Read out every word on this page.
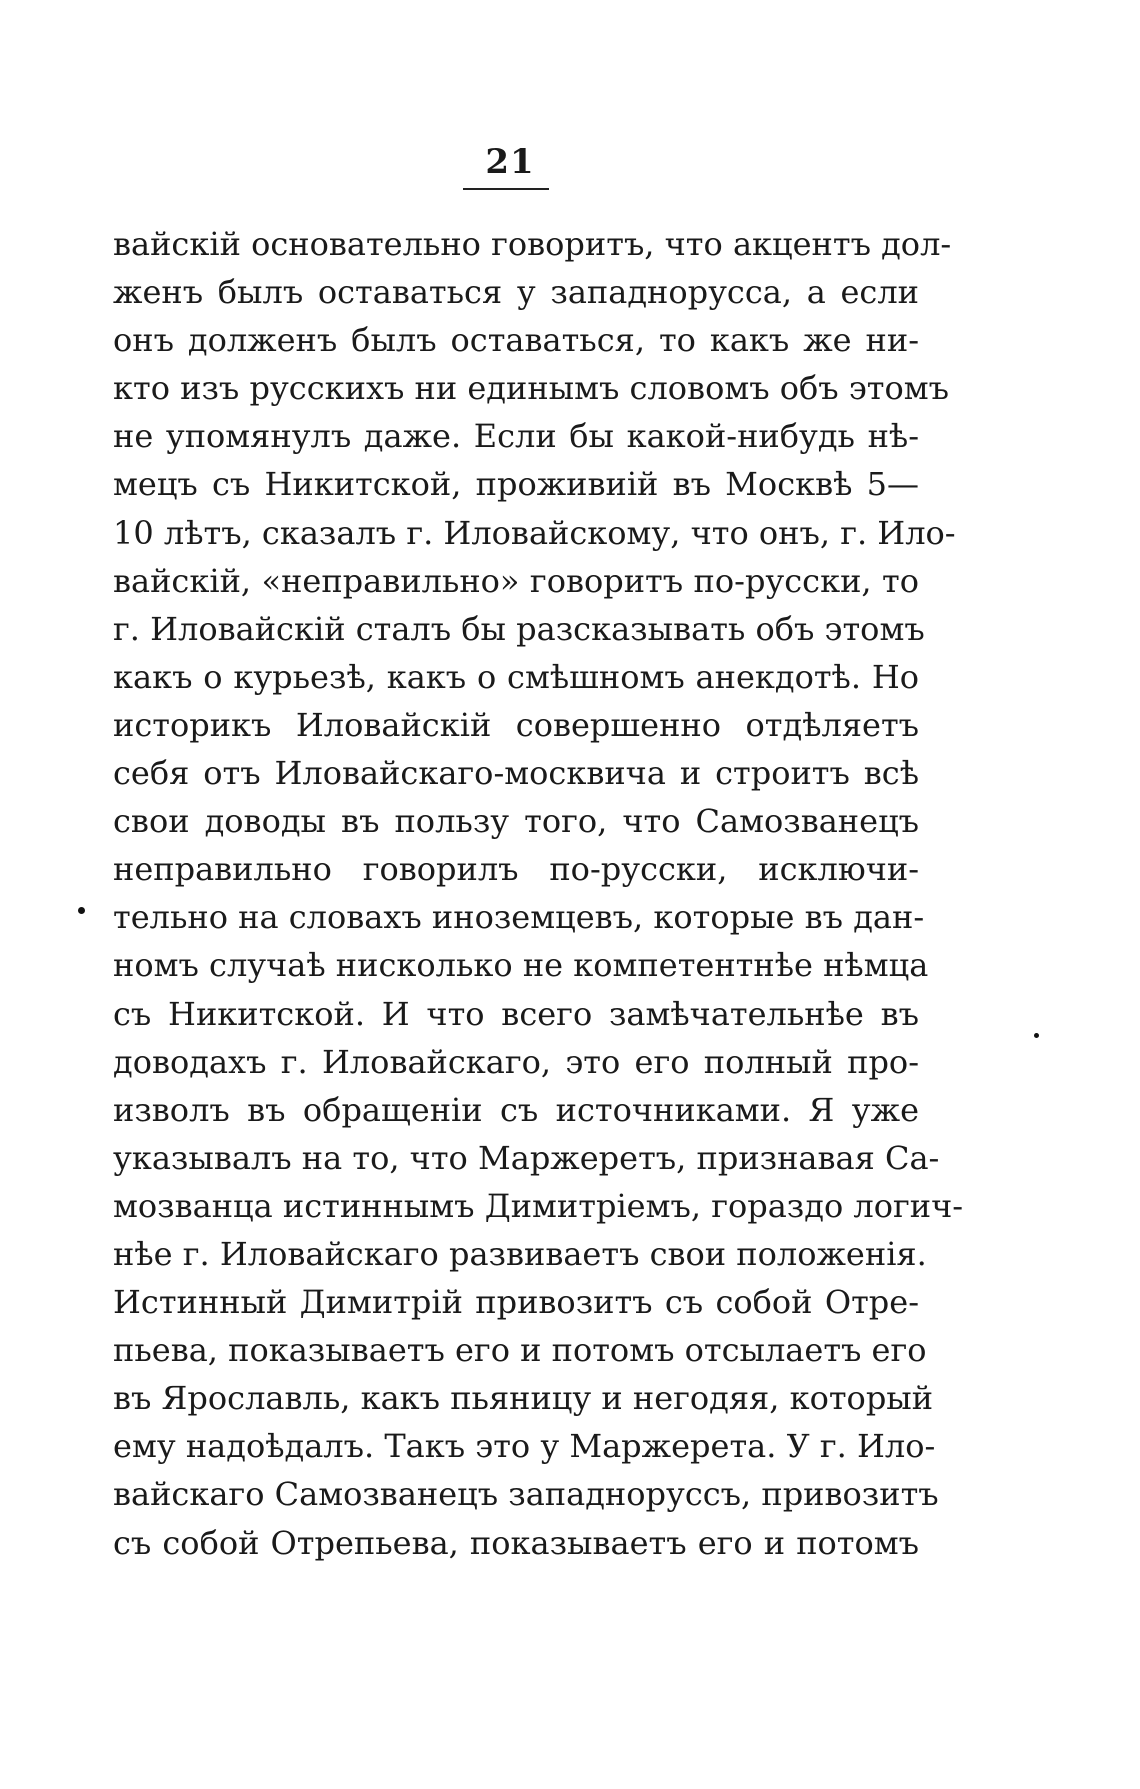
21
вайскій основательно говоритъ, что акцентъ дол-
женъ былъ оставаться у западнорусса, а если
онъ долженъ былъ оставаться, то какъ же ни-
кто изъ русскихъ ни единымъ словомъ объ этомъ
не упомянулъ даже. Если бы какой-нибудь нѣ-
мецъ съ Никитской, проживиій въ Москвѣ 5—
10 лѣтъ, сказалъ г. Иловайскому, что онъ, г. Ило-
вайскій, «неправильно» говоритъ по-русски, то
г. Иловайскій сталъ бы разсказывать объ этомъ
какъ о курьезѣ, какъ о смѣшномъ анекдотѣ. Но
историкъ Иловайскій совершенно отдѣляетъ
себя отъ Иловайскаго-москвича и строитъ всѣ
свои доводы въ пользу того, что Самозванецъ
неправильно говорилъ по-русски, исключи-
тельно на словахъ иноземцевъ, которые въ дан-
номъ случаѣ нисколько не компетентнѣе нѣмца
съ Никитской. И что всего замѣчательнѣе въ
доводахъ г. Иловайскаго, это его полный про-
изволъ въ обращеніи съ источниками. Я уже
указывалъ на то, что Маржеретъ, признавая Са-
мозванца истиннымъ Димитріемъ, гораздо логич-
нѣе г. Иловайскаго развиваетъ свои положенія.
Истинный Димитрій привозитъ съ собой Отре-
пьева, показываетъ его и потомъ отсылаетъ его
въ Ярославль, какъ пьяницу и негодяя, который
ему надоѣдалъ. Такъ это у Маржерета. У г. Ило-
вайскаго Самозванецъ западноруссъ, привозитъ
съ собой Отрепьева, показываетъ его и потомъ
